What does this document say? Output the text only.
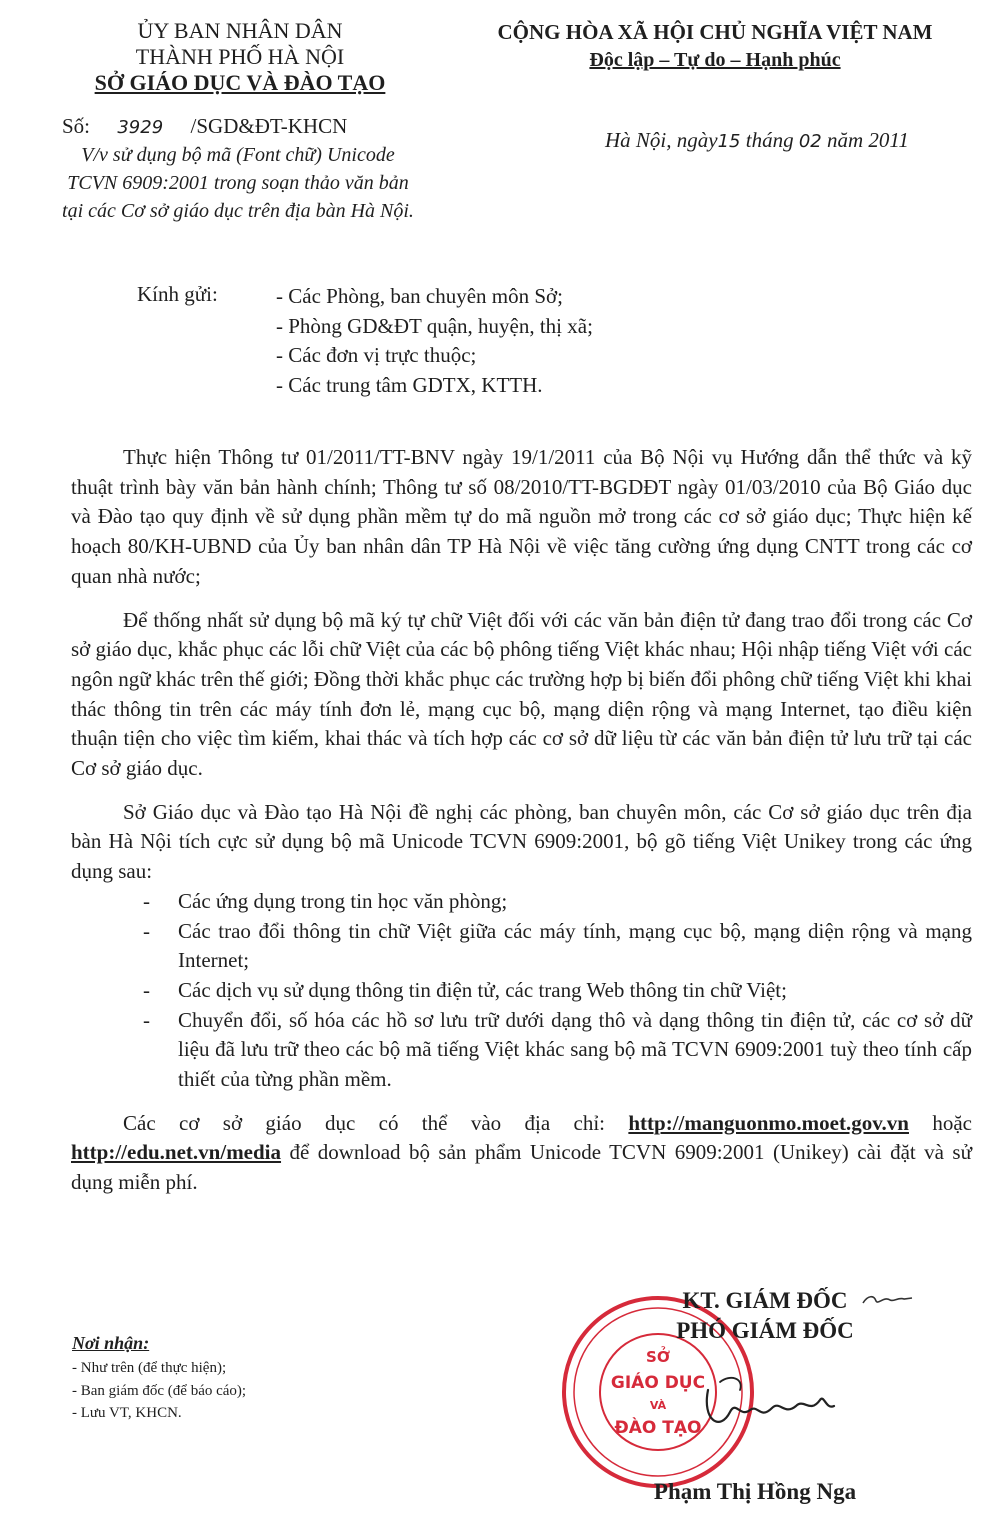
ỦY BAN NHÂN DÂN
THÀNH PHỐ HÀ NỘI
SỞ GIÁO DỤC VÀ ĐÀO TẠO
CỘNG HÒA XÃ HỘI CHỦ NGHĨA VIỆT NAM
Độc lập – Tự do – Hạnh phúc
Số: 3929 /SGD&ĐT-KHCN
V/v sử dụng bộ mã (Font chữ) Unicode
TCVN 6909:2001 trong soạn thảo văn bản
tại các Cơ sở giáo dục trên địa bàn Hà Nội.
Hà Nội, ngày15 tháng 02 năm 2011
Kính gửi:	- Các Phòng, ban chuyên môn Sở;
- Phòng GD&ĐT quận, huyện, thị xã;
- Các đơn vị trực thuộc;
- Các trung tâm GDTX, KTTH.

Thực hiện Thông tư 01/2011/TT-BNV ngày 19/1/2011 của Bộ Nội vụ Hướng dẫn thể thức và kỹ thuật trình bày văn bản hành chính; Thông tư số 08/2010/TT-BGDĐT ngày 01/03/2010 của Bộ Giáo dục và Đào tạo quy định về sử dụng phần mềm tự do mã nguồn mở trong các cơ sở giáo dục; Thực hiện kế hoạch 80/KH-UBND của Ủy ban nhân dân TP Hà Nội về việc tăng cường ứng dụng CNTT trong các cơ quan nhà nước;

Để thống nhất sử dụng bộ mã ký tự chữ Việt đối với các văn bản điện tử đang trao đổi trong các Cơ sở giáo dục, khắc phục các lỗi chữ Việt của các bộ phông tiếng Việt khác nhau; Hội nhập tiếng Việt với các ngôn ngữ khác trên thế giới; Đồng thời khắc phục các trường hợp bị biến đổi phông chữ tiếng Việt khi khai thác thông tin trên các máy tính đơn lẻ, mạng cục bộ, mạng diện rộng và mạng Internet, tạo điều kiện thuận tiện cho việc tìm kiếm, khai thác và tích hợp các cơ sở dữ liệu từ các văn bản điện tử lưu trữ tại các Cơ sở giáo dục.

Sở Giáo dục và Đào tạo Hà Nội đề nghị các phòng, ban chuyên môn, các Cơ sở giáo dục trên địa bàn Hà Nội tích cực sử dụng bộ mã Unicode TCVN 6909:2001, bộ gõ tiếng Việt Unikey trong các ứng dụng sau:

- Các ứng dụng trong tin học văn phòng;
- Các trao đổi thông tin chữ Việt giữa các máy tính, mạng cục bộ, mạng diện rộng và mạng Internet;
- Các dịch vụ sử dụng thông tin điện tử, các trang Web thông tin chữ Việt;
- Chuyển đổi, số hóa các hồ sơ lưu trữ dưới dạng thô và dạng thông tin điện tử, các cơ sở dữ liệu đã lưu trữ theo các bộ mã tiếng Việt khác sang bộ mã TCVN 6909:2001 tuỳ theo tính cấp thiết của từng phần mềm.

Các cơ sở giáo dục có thể vào địa chỉ: http://manguonmo.moet.gov.vn hoặc http://edu.net.vn/media để download bộ sản phẩm Unicode TCVN 6909:2001 (Unikey) cài đặt và sử dụng miễn phí.

Nơi nhận:
- Như trên (để thực hiện);
- Ban giám đốc (để báo cáo);
- Lưu VT, KHCN.
SỞ
GIÁO DỤC
VÀ
ĐÀO TẠO
KT. GIÁM ĐỐC
PHÓ GIÁM ĐỐC
Phạm Thị Hồng Nga
